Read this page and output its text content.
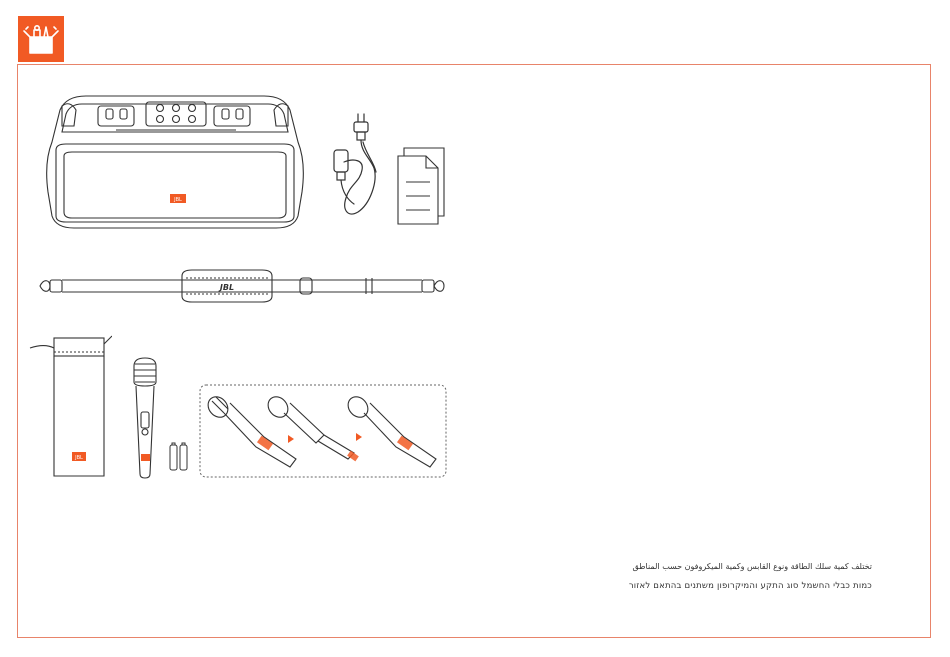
JBL
JBL
JBL
تختلف كمية سلك الطاقة ونوع القابس وكمية الميكروفون حسب المناطق
כמות כבלי החשמל סוג התקע והמיקרופון משתנים בהתאם לאזור
